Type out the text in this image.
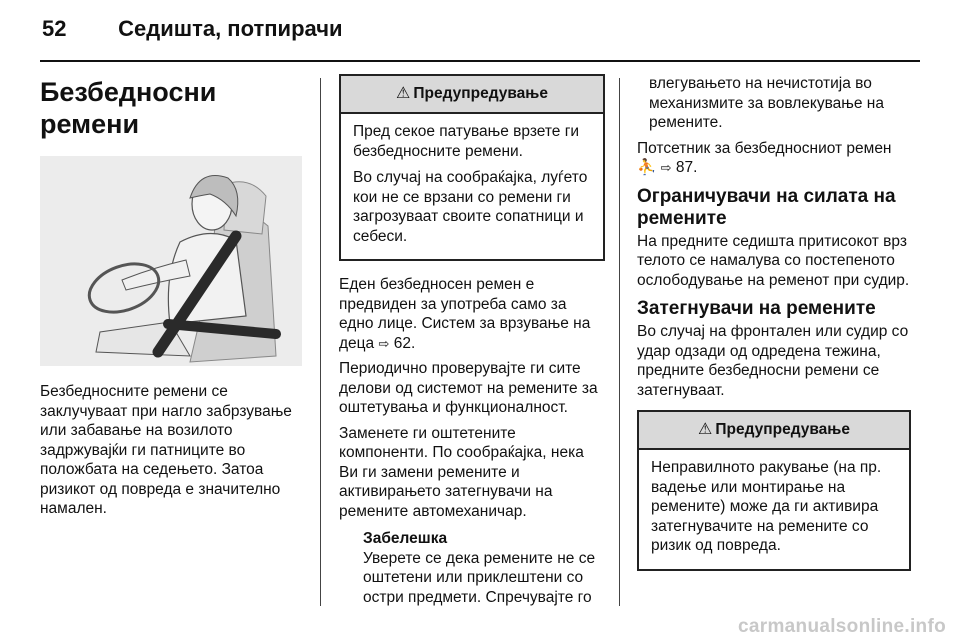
52 Седишта, потпирачи
Безбедносни ремени

Безбедносните ремени се заклучуваат при нагло забрзување или забавање на возилото задржувајќи ги патниците во положбата на седењето. Затоа ризикот од повреда е значително намален.

⚠ Предупредување

Пред секое патување врзете ги безбедносните ремени.

Во случај на сообраќајка, луѓето кои не се врзани со ремени ги загрозуваат своите сопатници и себеси.

Еден безбедносен ремен е предвиден за употреба само за едно лице. Систем за врзување на деца ⇨ 62.

Периодично проверувајте ги сите делови од системот на ремените за оштетувања и функционалност.

Заменете ги оштетените компоненти. По сообраќајка, нека Ви ги замени ремените и активирањето затегнувачи на ремените автомеханичар.

Забелешка
Уверете се дека ремените не се оштетени или приклештени со остри предмети. Спречувајте го

влегувањето на нечистотија во механизмите за вовлекување на ремените.

Потсетник за безбедносниот ремен ⛹ ⇨ 87.

Ограничувачи на силата на ремените

На предните седишта притисокот врз телото се намалува со постепеното ослободување на ременот при судир.

Затегнувачи на ремените

Во случај на фронтален или судир со удар одзади од одредена тежина, предните безбедносни ремени се затегнуваат.

⚠ Предупредување

Неправилното ракување (на пр. вадење или монтирање на ремените) може да ги активира затегнувачите на ремените со ризик од повреда.

carmanualsonline.info
